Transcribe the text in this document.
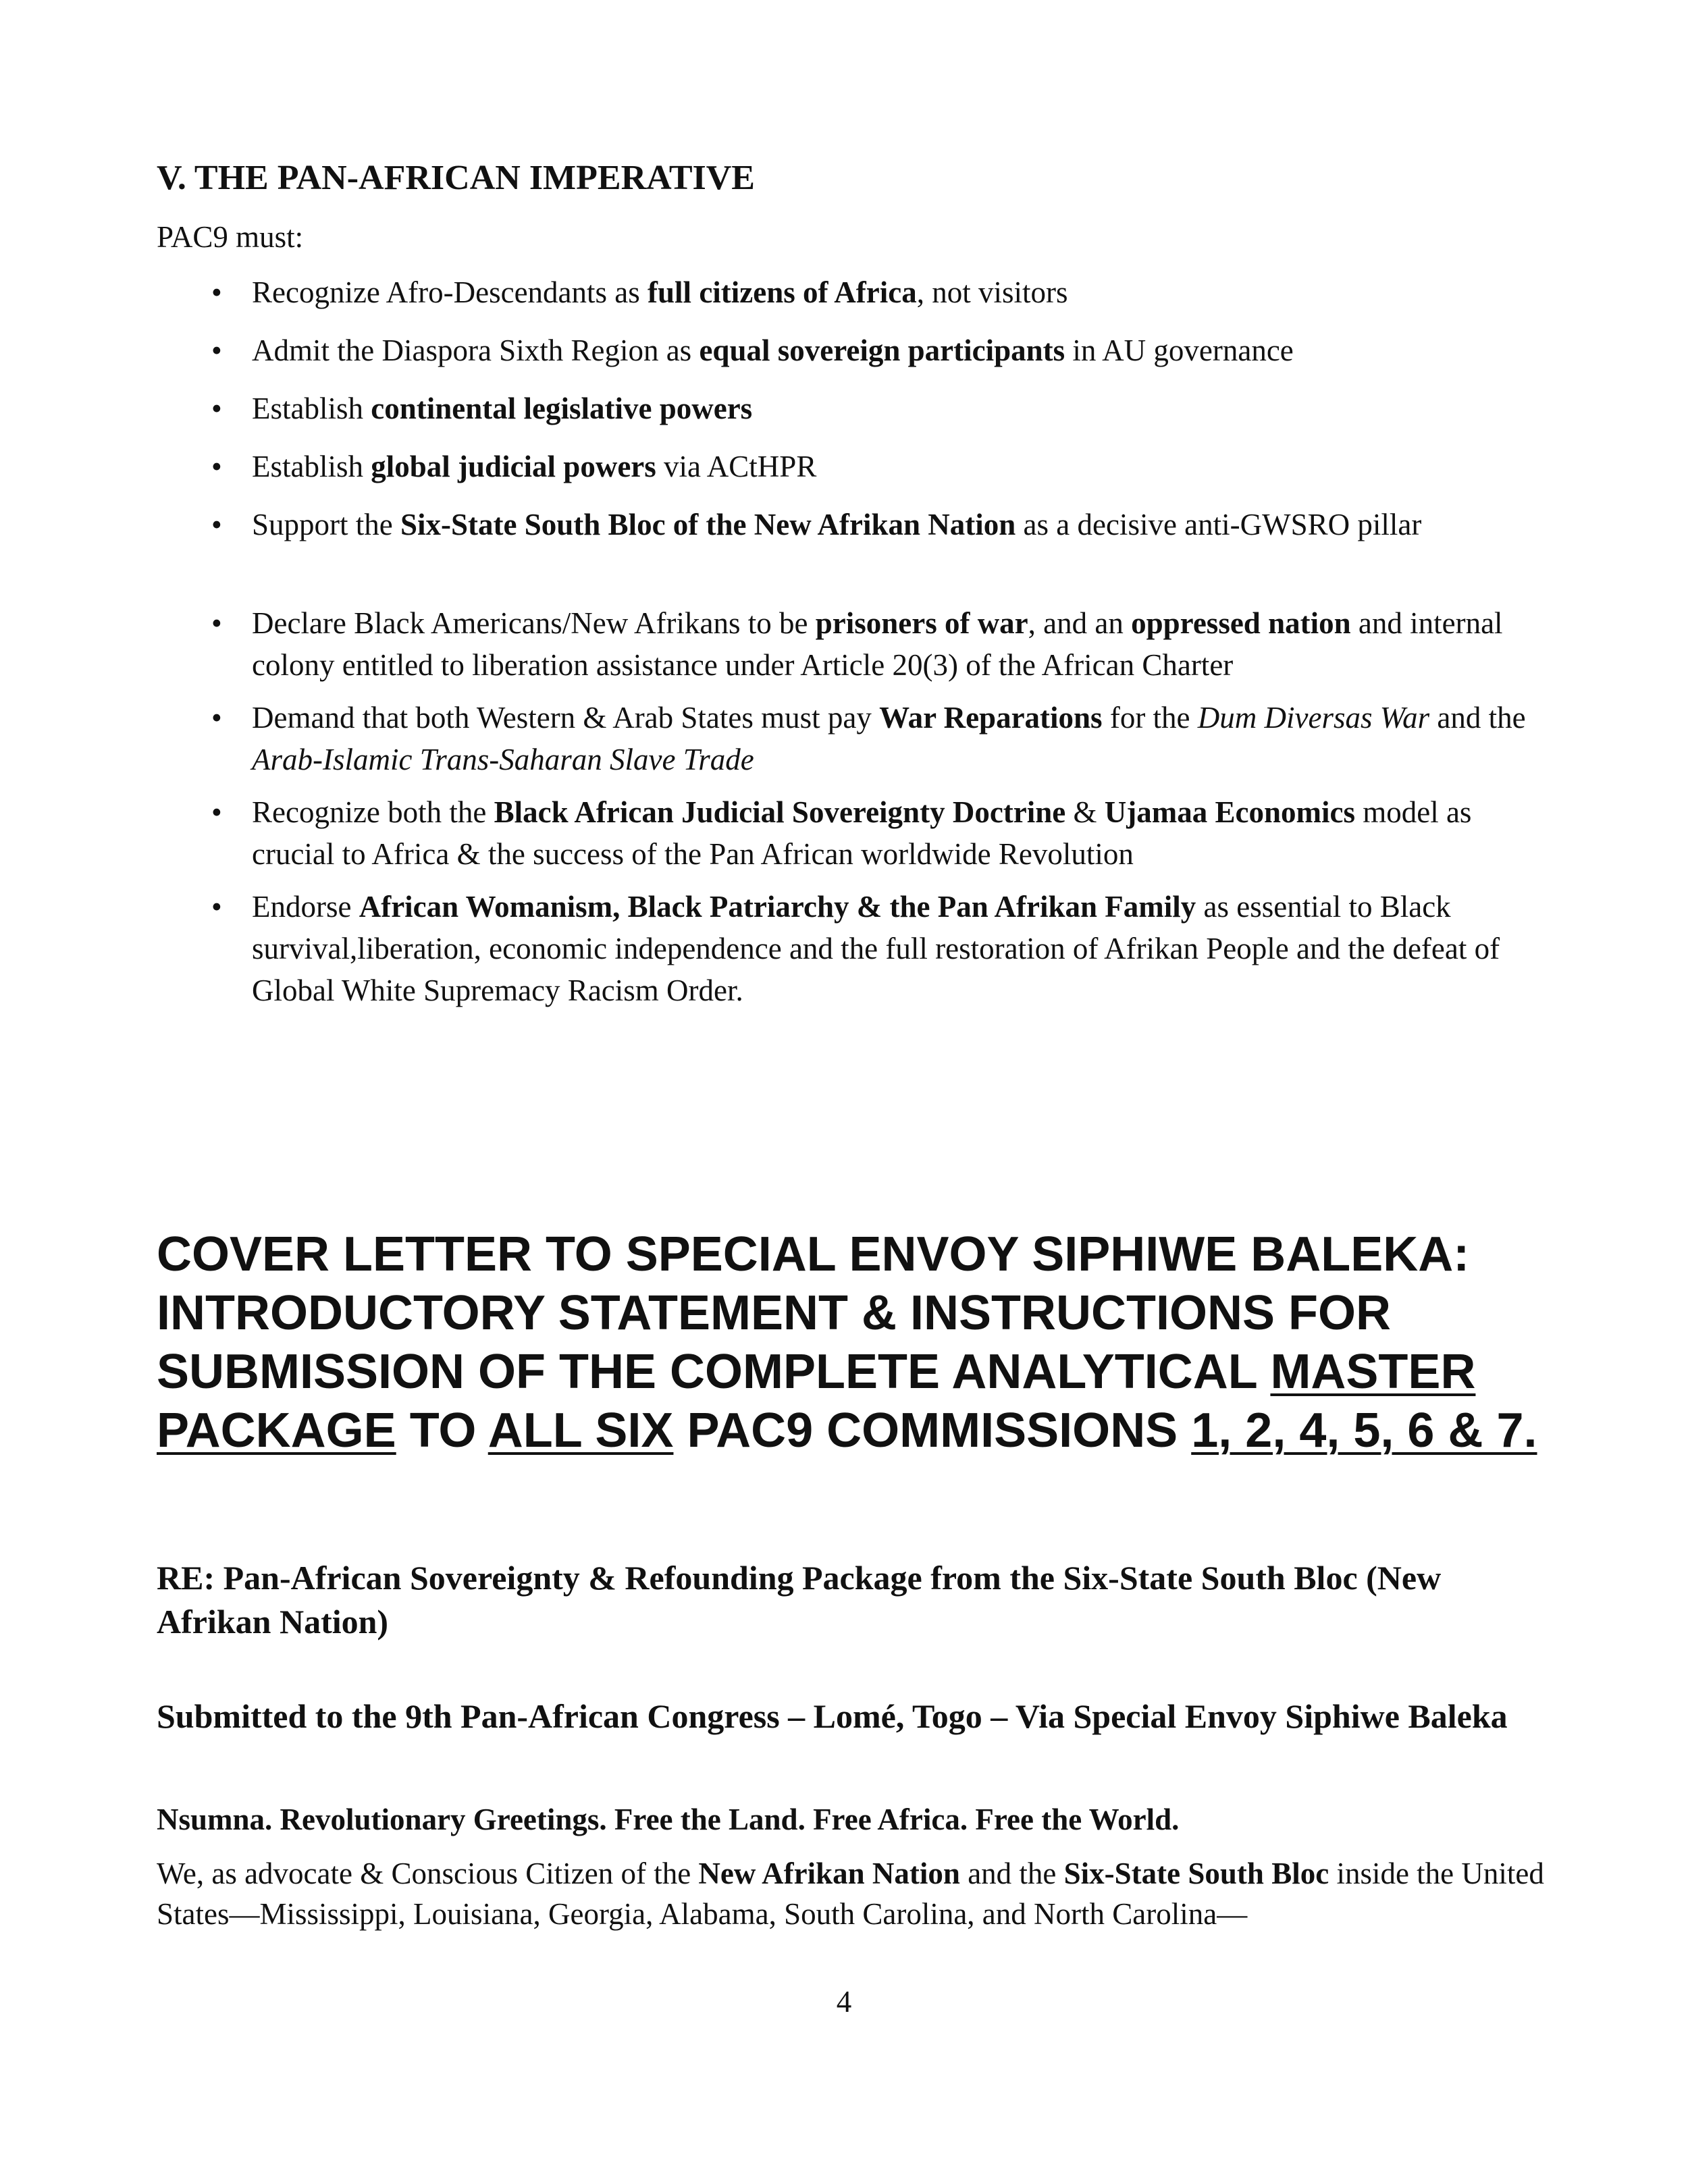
V. THE PAN-AFRICAN IMPERATIVE

PAC9 must:

• Recognize Afro-Descendants as full citizens of Africa, not visitors
• Admit the Diaspora Sixth Region as equal sovereign participants in AU governance
• Establish continental legislative powers
• Establish global judicial powers via ACtHPR
• Support the Six-State South Bloc of the New Afrikan Nation as a decisive anti-GWSRO pillar
• Declare Black Americans/New Afrikans to be prisoners of war, and an oppressed nation and internal colony entitled to liberation assistance under Article 20(3) of the African Charter
• Demand that both Western & Arab States must pay War Reparations for the Dum Diversas War and the Arab-Islamic Trans-Saharan Slave Trade
• Recognize both the Black African Judicial Sovereignty Doctrine & Ujamaa Economics model as crucial to Africa & the success of the Pan African worldwide Revolution
• Endorse African Womanism, Black Patriarchy & the Pan Afrikan Family as essential to Black survival,liberation, economic independence and the full restoration of Afrikan People and the defeat of Global White Supremacy Racism Order.
COVER LETTER TO SPECIAL ENVOY SIPHIWE BALEKA: INTRODUCTORY STATEMENT & INSTRUCTIONS FOR SUBMISSION OF THE COMPLETE ANALYTICAL MASTER PACKAGE TO ALL SIX PAC9 COMMISSIONS 1, 2, 4, 5, 6 & 7.
RE: Pan-African Sovereignty & Refounding Package from the Six-State South Bloc (New Afrikan Nation)
Submitted to the 9th Pan-African Congress – Lomé, Togo – Via Special Envoy Siphiwe Baleka

Nsumna. Revolutionary Greetings. Free the Land. Free Africa. Free the World.

We, as advocate & Conscious Citizen of the New Afrikan Nation and the Six-State South Bloc inside the United States—Mississippi, Louisiana, Georgia, Alabama, South Carolina, and North Carolina—

4
